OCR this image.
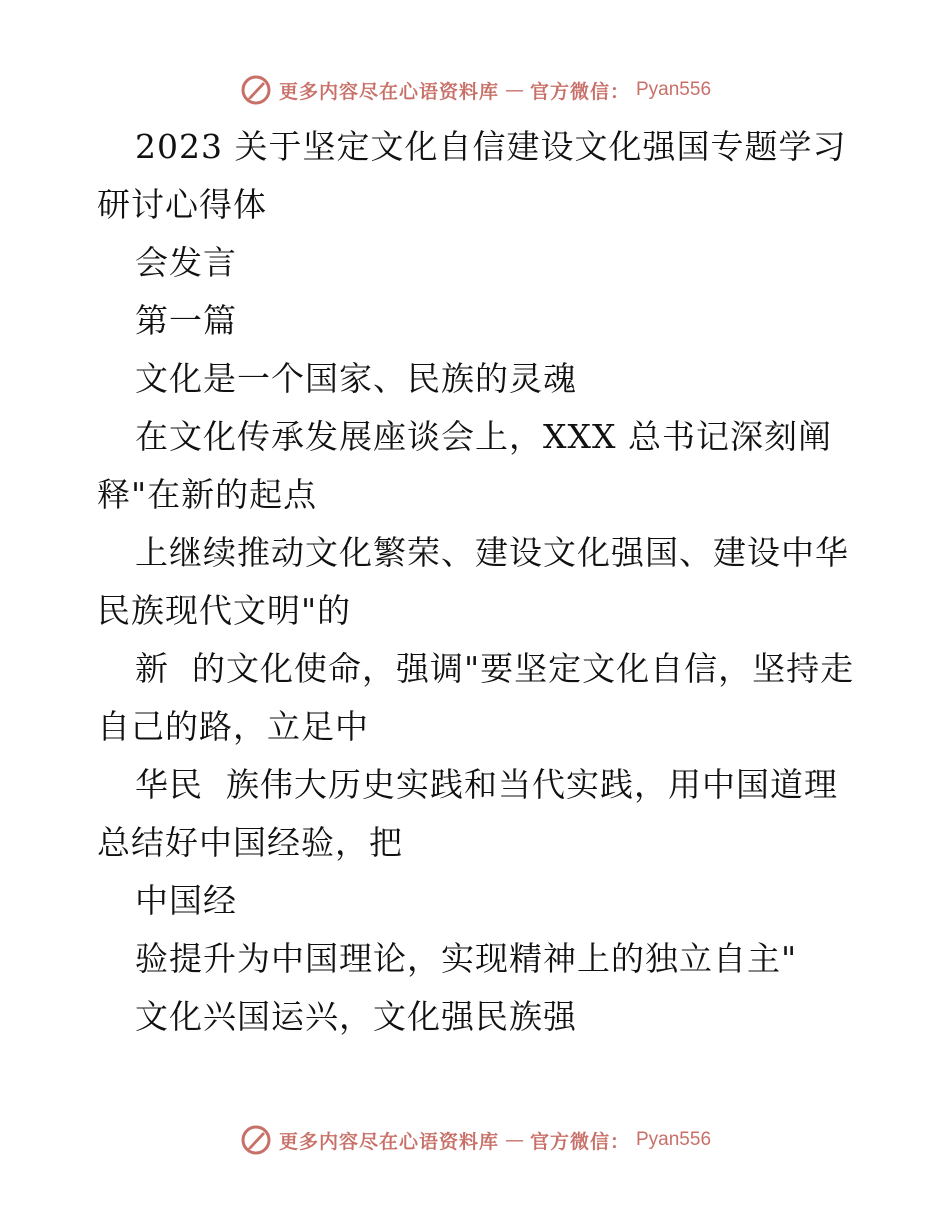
更多内容尽在心语资料库 — 官方微信： Pyan556
2023 关于坚定文化自信建设文化强国专题学习
研讨心得体
会发言
第一篇
文化是一个国家、民族的灵魂
在文化传承发展座谈会上，XXX 总书记深刻阐
释"在新的起点
上继续推动文化繁荣、建设文化强国、建设中华
民族现代文明"的
新  的文化使命，强调"要坚定文化自信，坚持走
自己的路，立足中
华民  族伟大历史实践和当代实践，用中国道理
总结好中国经验，把
中国经
验提升为中国理论，实现精神上的独立自主"
文化兴国运兴，文化强民族强
更多内容尽在心语资料库 — 官方微信： Pyan556
